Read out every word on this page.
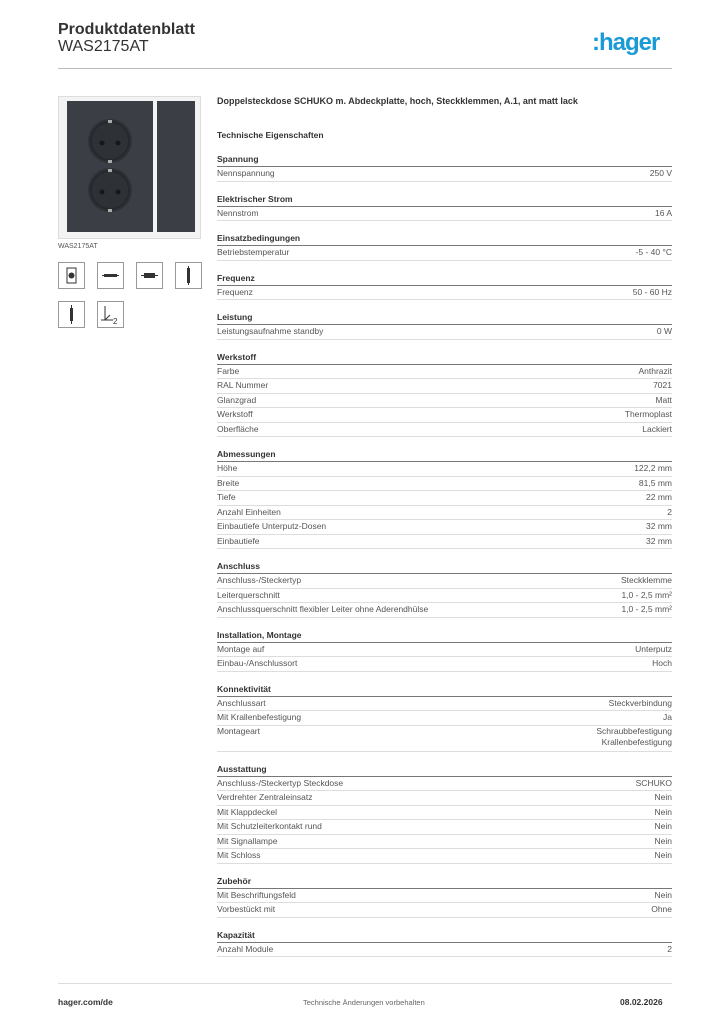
Produktdatenblatt
WAS2175AT	:hager
WAS2175AT
2
Doppelsteckdose SCHUKO m. Abdeckplatte, hoch, Steckklemmen, A.1, ant matt lack
Technische Eigenschaften
Spannung
Nennspannung	250 V
Elektrischer Strom
Nennstrom	16 A
Einsatzbedingungen
Betriebstemperatur	-5 - 40 °C
Frequenz
Frequenz	50 - 60 Hz
Leistung
Leistungsaufnahme standby	0 W
Werkstoff
Farbe	Anthrazit
RAL Nummer	7021
Glanzgrad	Matt
Werkstoff	Thermoplast
Oberfläche	Lackiert
Abmessungen
Höhe	122,2 mm
Breite	81,5 mm
Tiefe	22 mm
Anzahl Einheiten	2
Einbautiefe Unterputz-Dosen	32 mm
Einbautiefe	32 mm
Anschluss
Anschluss-/Steckertyp	Steckklemme
Leiterquerschnitt	1,0 - 2,5 mm²
Anschlussquerschnitt flexibler Leiter ohne Aderendhülse	1,0 - 2,5 mm²
Installation, Montage
Montage auf	Unterputz
Einbau-/Anschlussort	Hoch
Konnektivität
Anschlussart	Steckverbindung
Mit Krallenbefestigung	Ja
Montageart	Schraubbefestigung
Krallenbefestigung
Ausstattung
Anschluss-/Steckertyp Steckdose	SCHUKO
Verdrehter Zentraleinsatz	Nein
Mit Klappdeckel	Nein
Mit Schutzleiterkontakt rund	Nein
Mit Signallampe	Nein
Mit Schloss	Nein
Zubehör
Mit Beschriftungsfeld	Nein
Vorbestückt mit	Ohne
Kapazität
Anzahl Module	2
hager.com/de	Technische Änderungen vorbehalten	08.02.2026
